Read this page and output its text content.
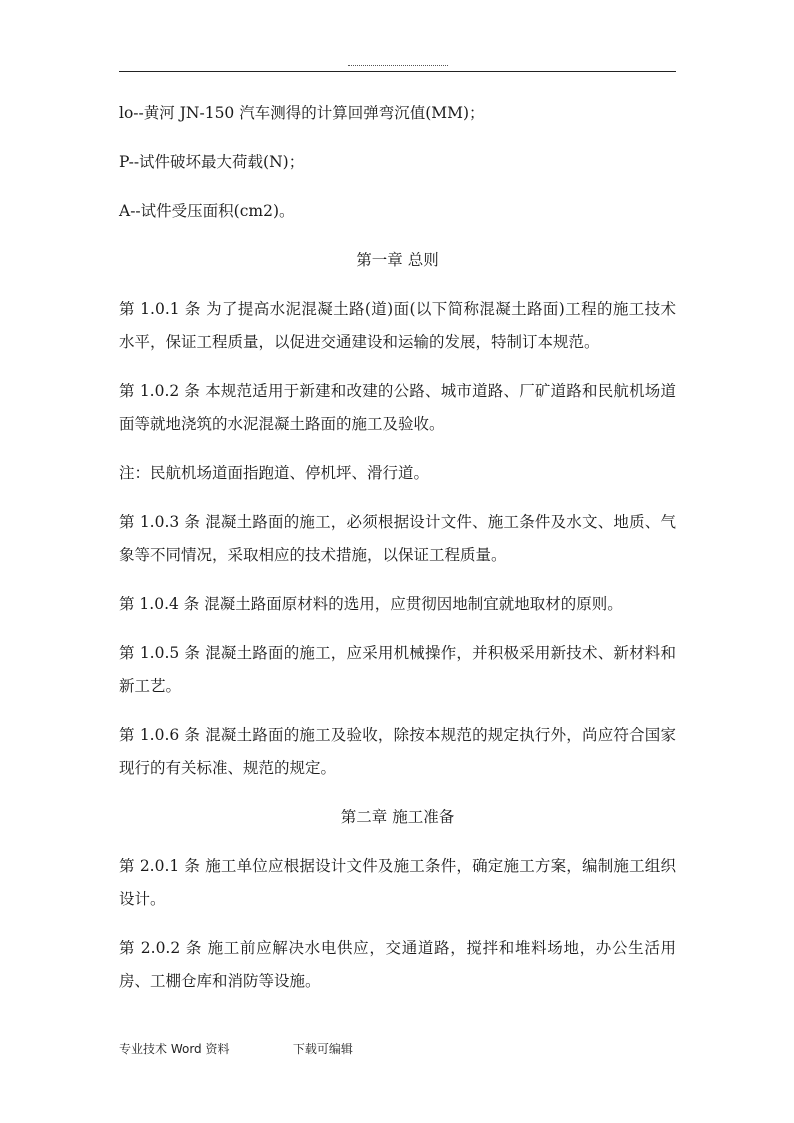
lo--黄河 JN-150 汽车测得的计算回弹弯沉值(MM)；

P--试件破坏最大荷载(N)；

A--试件受压面积(cm2)。

第一章 总则

第 1.0.1 条 为了提高水泥混凝土路(道)面(以下简称混凝土路面)工程的施工技术水平，保证工程质量，以促进交通建设和运输的发展，特制订本规范。

第 1.0.2 条 本规范适用于新建和改建的公路、城市道路、厂矿道路和民航机场道面等就地浇筑的水泥混凝土路面的施工及验收。

注：民航机场道面指跑道、停机坪、滑行道。

第 1.0.3 条 混凝土路面的施工，必须根据设计文件、施工条件及水文、地质、气象等不同情况，采取相应的技术措施，以保证工程质量。

第 1.0.4 条 混凝土路面原材料的选用，应贯彻因地制宜就地取材的原则。

第 1.0.5 条 混凝土路面的施工，应采用机械操作，并积极采用新技术、新材料和新工艺。

第 1.0.6 条 混凝土路面的施工及验收，除按本规范的规定执行外，尚应符合国家现行的有关标准、规范的规定。

第二章 施工准备

第 2.0.1 条 施工单位应根据设计文件及施工条件，确定施工方案，编制施工组织设计。

第 2.0.2 条 施工前应解决水电供应，交通道路，搅拌和堆料场地，办公生活用房、工棚仓库和消防等设施。

专业技术 Word 资料	下载可编辑
